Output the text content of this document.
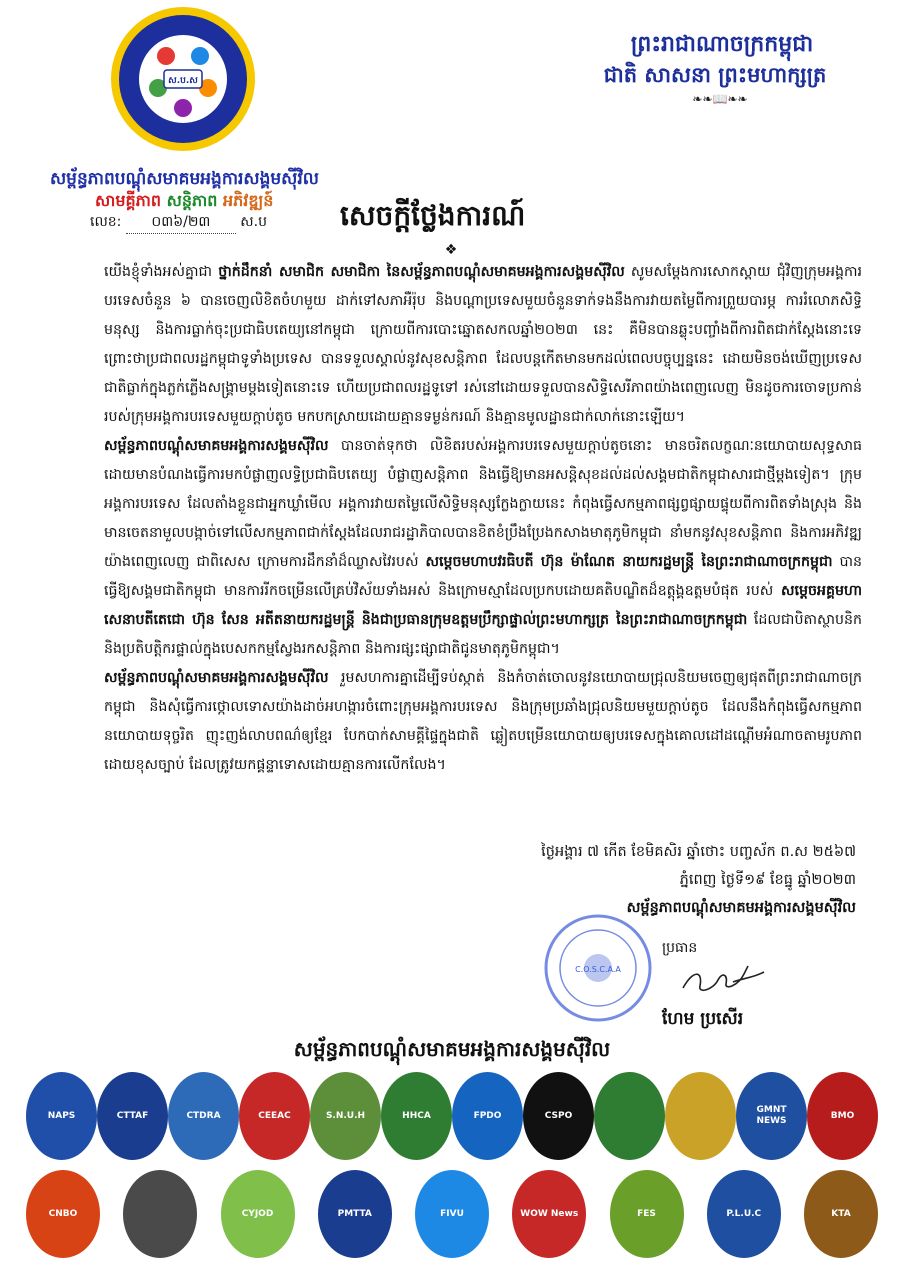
ស.ប.ស
សម្ព័ន្ធភាពបណ្តុំសមាគមអង្គការសង្គមស៊ីវិល
សាមគ្គីភាព សន្តិភាព អភិវឌ្ឍន៍
ព្រះរាជាណាចក្រកម្ពុជា
ជាតិ សាសនា ព្រះមហាក្សត្រ
❧❧📖❧❧
លេខ: ០៣៦/២៣ ស.ប	សេចក្តីថ្លែងការណ៍
❖

យើងខ្ញុំទាំងអស់គ្នាជា ថ្នាក់ដឹកនាំ សមាជិក សមាជិកា នៃសម្ព័ន្ធភាពបណ្តុំសមាគមអង្គការសង្គមស៊ីវិល សូមសម្តែងការសោកស្តាយ ជុំវិញក្រុមអង្គការបរទេសចំនួន ៦ បានចេញលិខិតចំហមួយ ដាក់ទៅសភាអឺរ៉ុប និងបណ្តាប្រទេសមួយចំនួនទាក់ទងនឹងការវាយតម្លៃពីការព្រួយបារម្ភ ការរំលោភសិទ្ធិមនុស្ស និងការធ្លាក់ចុះប្រជាធិបតេយ្យនៅកម្ពុជា ក្រោយពីការបោះឆ្នោតសកលឆ្នាំ២០២៣ នេះ គឺមិនបានឆ្លុះបញ្ចាំងពីការពិតជាក់ស្តែងនោះទេ ព្រោះថាប្រជាពលរដ្ឋកម្ពុជាទូទាំងប្រទេស បានទទួលស្គាល់នូវសុខសន្តិភាព ដែលបន្តកើតមានមកដល់ពេលបច្ចុប្បន្ននេះ ដោយមិនចង់ឃើញប្រទេសជាតិធ្លាក់ក្នុងភ្លក់ភ្លើងសង្គ្រាមម្តងទៀតនោះទេ ហើយប្រជាពលរដ្ឋទូទៅ រស់នៅដោយទទួលបានសិទ្ធិសេរីភាពយ៉ាងពេញលេញ មិនដូចការចោទប្រកាន់របស់ក្រុមអង្គការបរទេសមួយក្តាប់តូច មកបកស្រាយដោយគ្មានទម្ងន់ករណ៍ និងគ្មានមូលដ្ឋានជាក់លាក់នោះឡើយ។

សម្ព័ន្ធភាពបណ្តុំសមាគមអង្គការសង្គមស៊ីវិល បានចាត់ទុកថា លិខិតរបស់អង្គការបរទេសមួយក្តាប់តូចនោះ មានចរិតលក្ខណៈនយោបាយសុទ្ធសាធ ដោយមានបំណងធ្វើការមកបំផ្លាញលទ្ធិប្រជាធិបតេយ្យ បំផ្លាញសន្តិភាព និងធ្វើឱ្យមានអសន្តិសុខដល់ដល់សង្គមជាតិកម្ពុជាសារជាថ្មីម្តងទៀត។ ក្រុមអង្គការបរទេស ដែលតាំងខ្លួនជាអ្នកឃ្លាំមើល អង្គការវាយតម្លៃលើសិទ្ធិមនុស្សក្លែងក្លាយនេះ កំពុងធ្វើសកម្មភាពផ្សព្វផ្សាយផ្ទុយពីការពិតទាំងស្រុង និងមានចេតនាមួលបង្កាច់ទៅលើសកម្មភាពជាក់ស្តែងដែលរាជរដ្ឋាភិបាលបានខិតខំប្រឹងប្រែងកសាងមាតុភូមិកម្ពុជា នាំមកនូវសុខសន្តិភាព និងការអភិវឌ្ឍយ៉ាងពេញលេញ ជាពិសេស ក្រោមការដឹកនាំដ៏ឈ្លាសវៃរបស់ សម្តេចមហាបវរធិបតី ហ៊ុន ម៉ាណែត នាយករដ្ឋមន្ត្រី នៃព្រះរាជាណាចក្រកម្ពុជា បានធ្វើឱ្យសង្គមជាតិកម្ពុជា មានការរីកចម្រើនលើគ្រប់វិស័យទាំងអស់ និងក្រោមស្មាដែលប្រកបដោយគតិបណ្ឌិតដ៏ឧត្តុង្គឧត្តមបំផុត របស់ សម្តេចអគ្គមហាសេនាបតីតេជោ ហ៊ុន សែន អតីតនាយករដ្ឋមន្ត្រី និងជាប្រធានក្រុមឧត្តមប្រឹក្សាផ្ទាល់ព្រះមហាក្សត្រ នៃព្រះរាជាណាចក្រកម្ពុជា ដែលជាបិតាស្ថាបនិក និងប្រតិបត្តិករផ្ទាល់ក្នុងបេសកកម្មស្វែងរកសន្តិភាព និងការផ្សះផ្សាជាតិជូនមាតុភូមិកម្ពុជា។

សម្ព័ន្ធភាពបណ្តុំសមាគមអង្គការសង្គមស៊ីវិល រួមសហការគ្នាដើម្បីទប់ស្កាត់ និងកំចាត់ចោលនូវនយោបាយជ្រុលនិយមចេញឲ្យផុតពីព្រះរាជាណាចក្រកម្ពុជា និងសុំធ្វើការថ្កោលទោសយ៉ាងដាច់អហង្ការចំពោះក្រុមអង្គការបរទេស និងក្រុមប្រឆាំងជ្រុលនិយមមួយក្តាប់តូច ដែលនឹងកំពុងធ្វើសកម្មភាពនយោបាយទុច្ចរិត ញុះញង់លាបពណ៌ឲ្យខ្មែរ បែកបាក់សាមគ្គីផ្ទៃក្នុងជាតិ ឆ្លៀតបម្រើនយោបាយឲ្យបរទេសក្នុងគោលដៅដណ្តើមអំណាចតាមរូបភាពដោយខុសច្បាប់ ដែលត្រូវយកផ្គន្ទាទោសដោយគ្មានការលើកលែង។

ថ្ងៃអង្គារ ៧ កើត ខែមិគសិរ ឆ្នាំថោះ បញ្ចស័ក ព.ស ២៥៦៧
ភ្នំពេញ ថ្ងៃទី១៩ ខែធ្នូ ឆ្នាំ២០២៣
សម្ព័ន្ធភាពបណ្តុំសមាគមអង្គការសង្គមស៊ីវិល
C.O.S.C.A.A
ប្រធាន
ហែម ប្រសើរ
សម្ព័ន្ធភាពបណ្តុំសមាគមអង្គការសង្គមស៊ីវិល
NAPS	CTTAF	CTDRA	CEEAC	S.N.U.H	HHCA	FPDO	CSPO
GMNT NEWS
BMO
CNBO	CYJOD	PMTTA	FIVU	WOW News	FES	P.L.U.C	KTA
